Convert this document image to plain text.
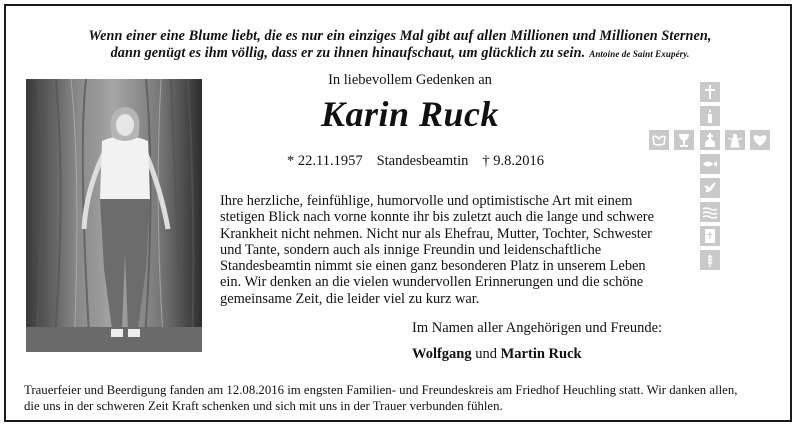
Wenn einer eine Blume liebt, die es nur ein einziges Mal gibt auf allen Millionen und Millionen Sternen,
dann genügt es ihm völlig, dass er zu ihnen hinaufschaut, um glücklich zu sein. Antoine de Saint Exupéry.
In liebevollem Gedenken an
Karin Ruck
* 22.11.1957 Standesbeamtin † 9.8.2016

Ihre herzliche, feinfühlige, humorvolle und optimistische Art mit einem

stetigen Blick nach vorne konnte ihr bis zuletzt auch die lange und schwere

Krankheit nicht nehmen. Nicht nur als Ehefrau, Mutter, Tochter, Schwester

und Tante, sondern auch als innige Freundin und leidenschaftliche

Standesbeamtin nimmt sie einen ganz besonderen Platz in unserem Leben

ein. Wir denken an die vielen wundervollen Erinnerungen und die schöne

gemeinsame Zeit, die leider viel zu kurz war.

Im Namen aller Angehörigen und Freunde:
Wolfgang und Martin Ruck

Trauerfeier und Beerdigung fanden am 12.08.2016 im engsten Familien- und Freundeskreis am Friedhof Heuchling statt. Wir danken allen,

die uns in der schweren Zeit Kraft schenken und sich mit uns in der Trauer verbunden fühlen.
